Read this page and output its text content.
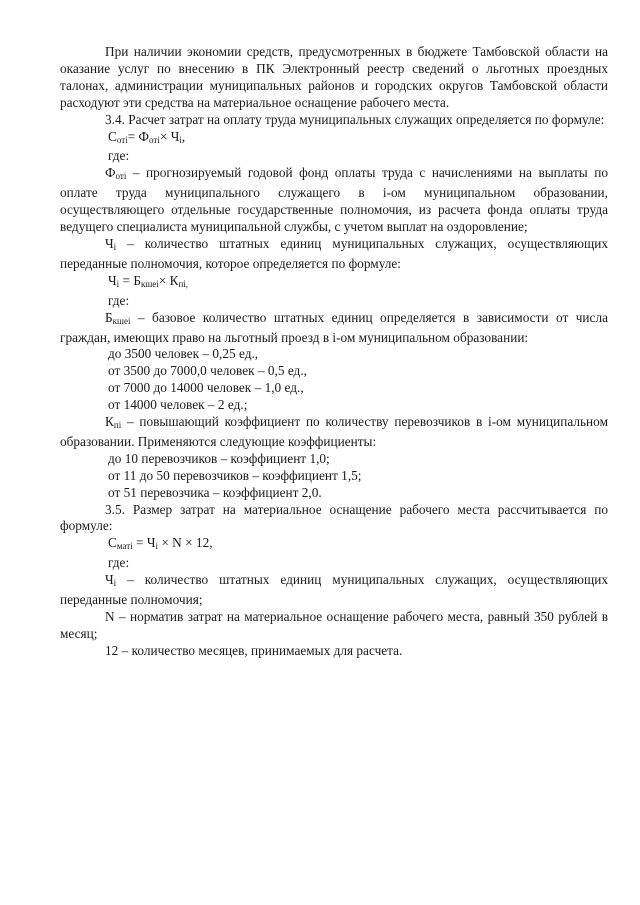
При наличии экономии средств, предусмотренных в бюджете Тамбовской области на оказание услуг по внесению в ПК Электронный реестр сведений о льготных проездных талонах, администрации муниципальных районов и городских округов Тамбовской области расходуют эти средства на материальное оснащение рабочего места.
3.4. Расчет затрат на оплату труда муниципальных служащих определяется по формуле:
$С_{оті}= Ф_{оті}\times Ч_і$,
где:
$Ф_{оті}$ – прогнозируемый годовой фонд оплаты труда с начислениями на выплаты по оплате труда муниципального служащего в і-ом муниципальном образовании, осуществляющего отдельные государственные полномочия, из расчета фонда оплаты труда ведущего специалиста муниципальной службы, с учетом выплат на оздоровление;
$Ч_і$ – количество штатных единиц муниципальных служащих, осуществляющих переданные полномочия, которое определяется по формуле:
$Ч_і = Б_{кшеі}\times К_{пі,}$
где:
$Б_{кшеі}$ – базовое количество штатных единиц определяется в зависимости от числа граждан, имеющих право на льготный проезд в і-ом муниципальном образовании:
до 3500 человек – 0,25 ед.,
от 3500 до 7000,0 человек – 0,5 ед.,
от 7000 до 14000 человек – 1,0 ед.,
от 14000 человек – 2 ед.;
$К_{пі}$ – повышающий коэффициент по количеству перевозчиков в і-ом муниципальном образовании. Применяются следующие коэффициенты:
до 10 перевозчиков – коэффициент 1,0;
от 11 до 50 перевозчиков – коэффициент 1,5;
от 51 перевозчика – коэффициент 2,0.
3.5. Размер затрат на материальное оснащение рабочего места рассчитывается по формуле:
$С_{маті} = Ч_і \times N \times 12$,
где:
$Ч_і$ – количество штатных единиц муниципальных служащих, осуществляющих переданные полномочия;
N – норматив затрат на материальное оснащение рабочего места, равный 350 рублей в месяц;
12 – количество месяцев, принимаемых для расчета.
